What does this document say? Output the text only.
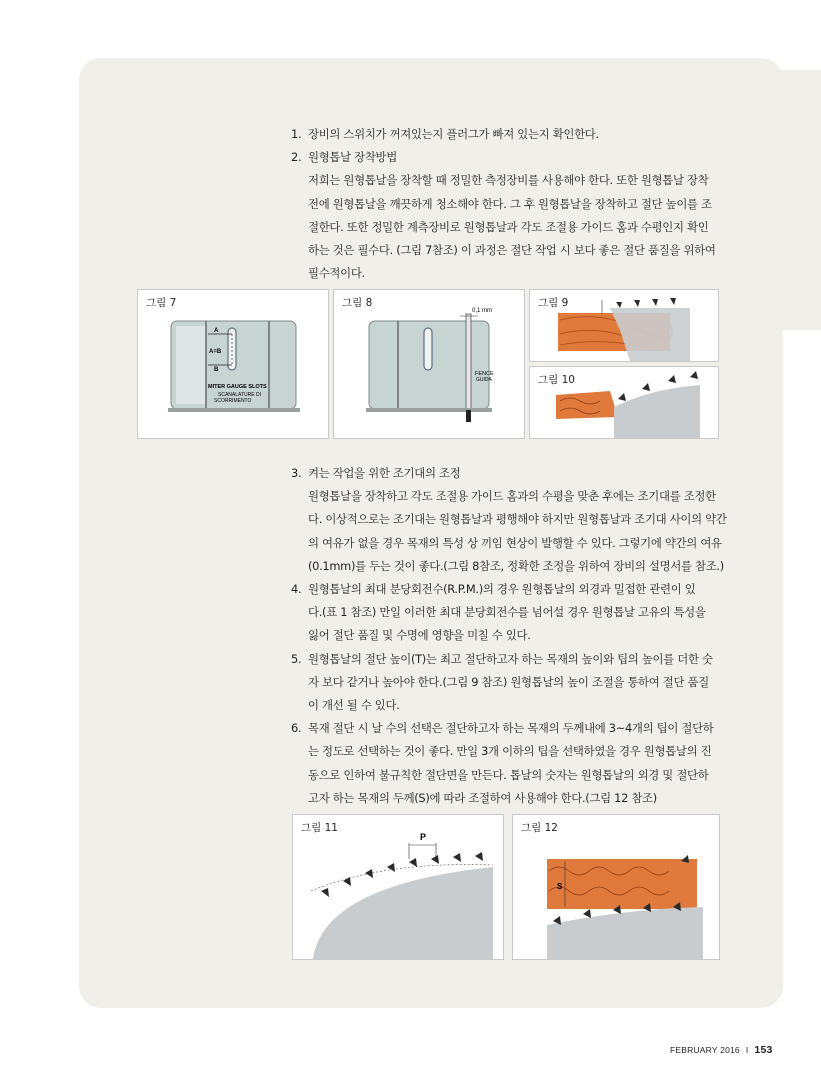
1. 장비의 스위치가 꺼져있는지 플러그가 빠져 있는지 확인한다.
2. 원형톱날 장착방법
저희는 원형톱날을 장착할 때 정밀한 측정장비를 사용해야 한다. 또한 원형톱날 장착
전에 원형톱날을 깨끗하게 청소해야 한다. 그 후 원형톱날을 장착하고 절단 높이를 조
절한다. 또한 정밀한 계측장비로 원형톱날과 각도 조절용 가이드 홈과 수평인지 확인
하는 것은 필수다. (그림 7참조) 이 과정은 절단 작업 시 보다 좋은 절단 품질을 위하여
필수적이다.
그림 7
A
A=B
B
MITER GAUGE SLOTS
SCANALATURE DI
SCORRIMENTO
그림 8
0,1 mm
FENCE
GUIDA
그림 9
그림 10
3. 켜는 작업을 위한 조기대의 조정
원형톱날을 장착하고 각도 조절용 가이드 홈과의 수평을 맞춘 후에는 조기대를 조정한
다. 이상적으로는 조기대는 원형톱날과 평행해야 하지만 원형톱날과 조기대 사이의 약간
의 여유가 없을 경우 목재의 특성 상 끼임 현상이 발행할 수 있다. 그렇기에 약간의 여유
(0.1mm)를 두는 것이 좋다.(그림 8참조, 정확한 조정을 위하여 장비의 설명서를 참조.)
4. 원형톱날의 최대 분당회전수(R.P.M.)의 경우 원형톱날의 외경과 밀접한 관련이 있
다.(표 1 참조) 만일 이러한 최대 분당회전수를 넘어설 경우 원형톱날 고유의 특성을
잃어 절단 품질 및 수명에 영향을 미칠 수 있다.
5. 원형톱날의 절단 높이(T)는 최고 절단하고자 하는 목재의 높이와 팁의 높이를 더한 숫
자 보다 같거나 높아야 한다.(그림 9 참조) 원형톱날의 높이 조절을 통하여 절단 품질
이 개선 될 수 있다.
6. 목재 절단 시 날 수의 선택은 절단하고자 하는 목재의 두께내에 3~4개의 팁이 절단하
는 정도로 선택하는 것이 좋다. 만일 3개 이하의 팁을 선택하였을 경우 원형톱날의 진
동으로 인하여 불규칙한 절단면을 만든다. 톱날의 숫자는 원형톱날의 외경 및 절단하
고자 하는 목재의 두께(S)에 따라 조절하여 사용해야 한다.(그림 12 참조)
그림 11
P
그림 12
S
FEBRUARY 2016 I 153
